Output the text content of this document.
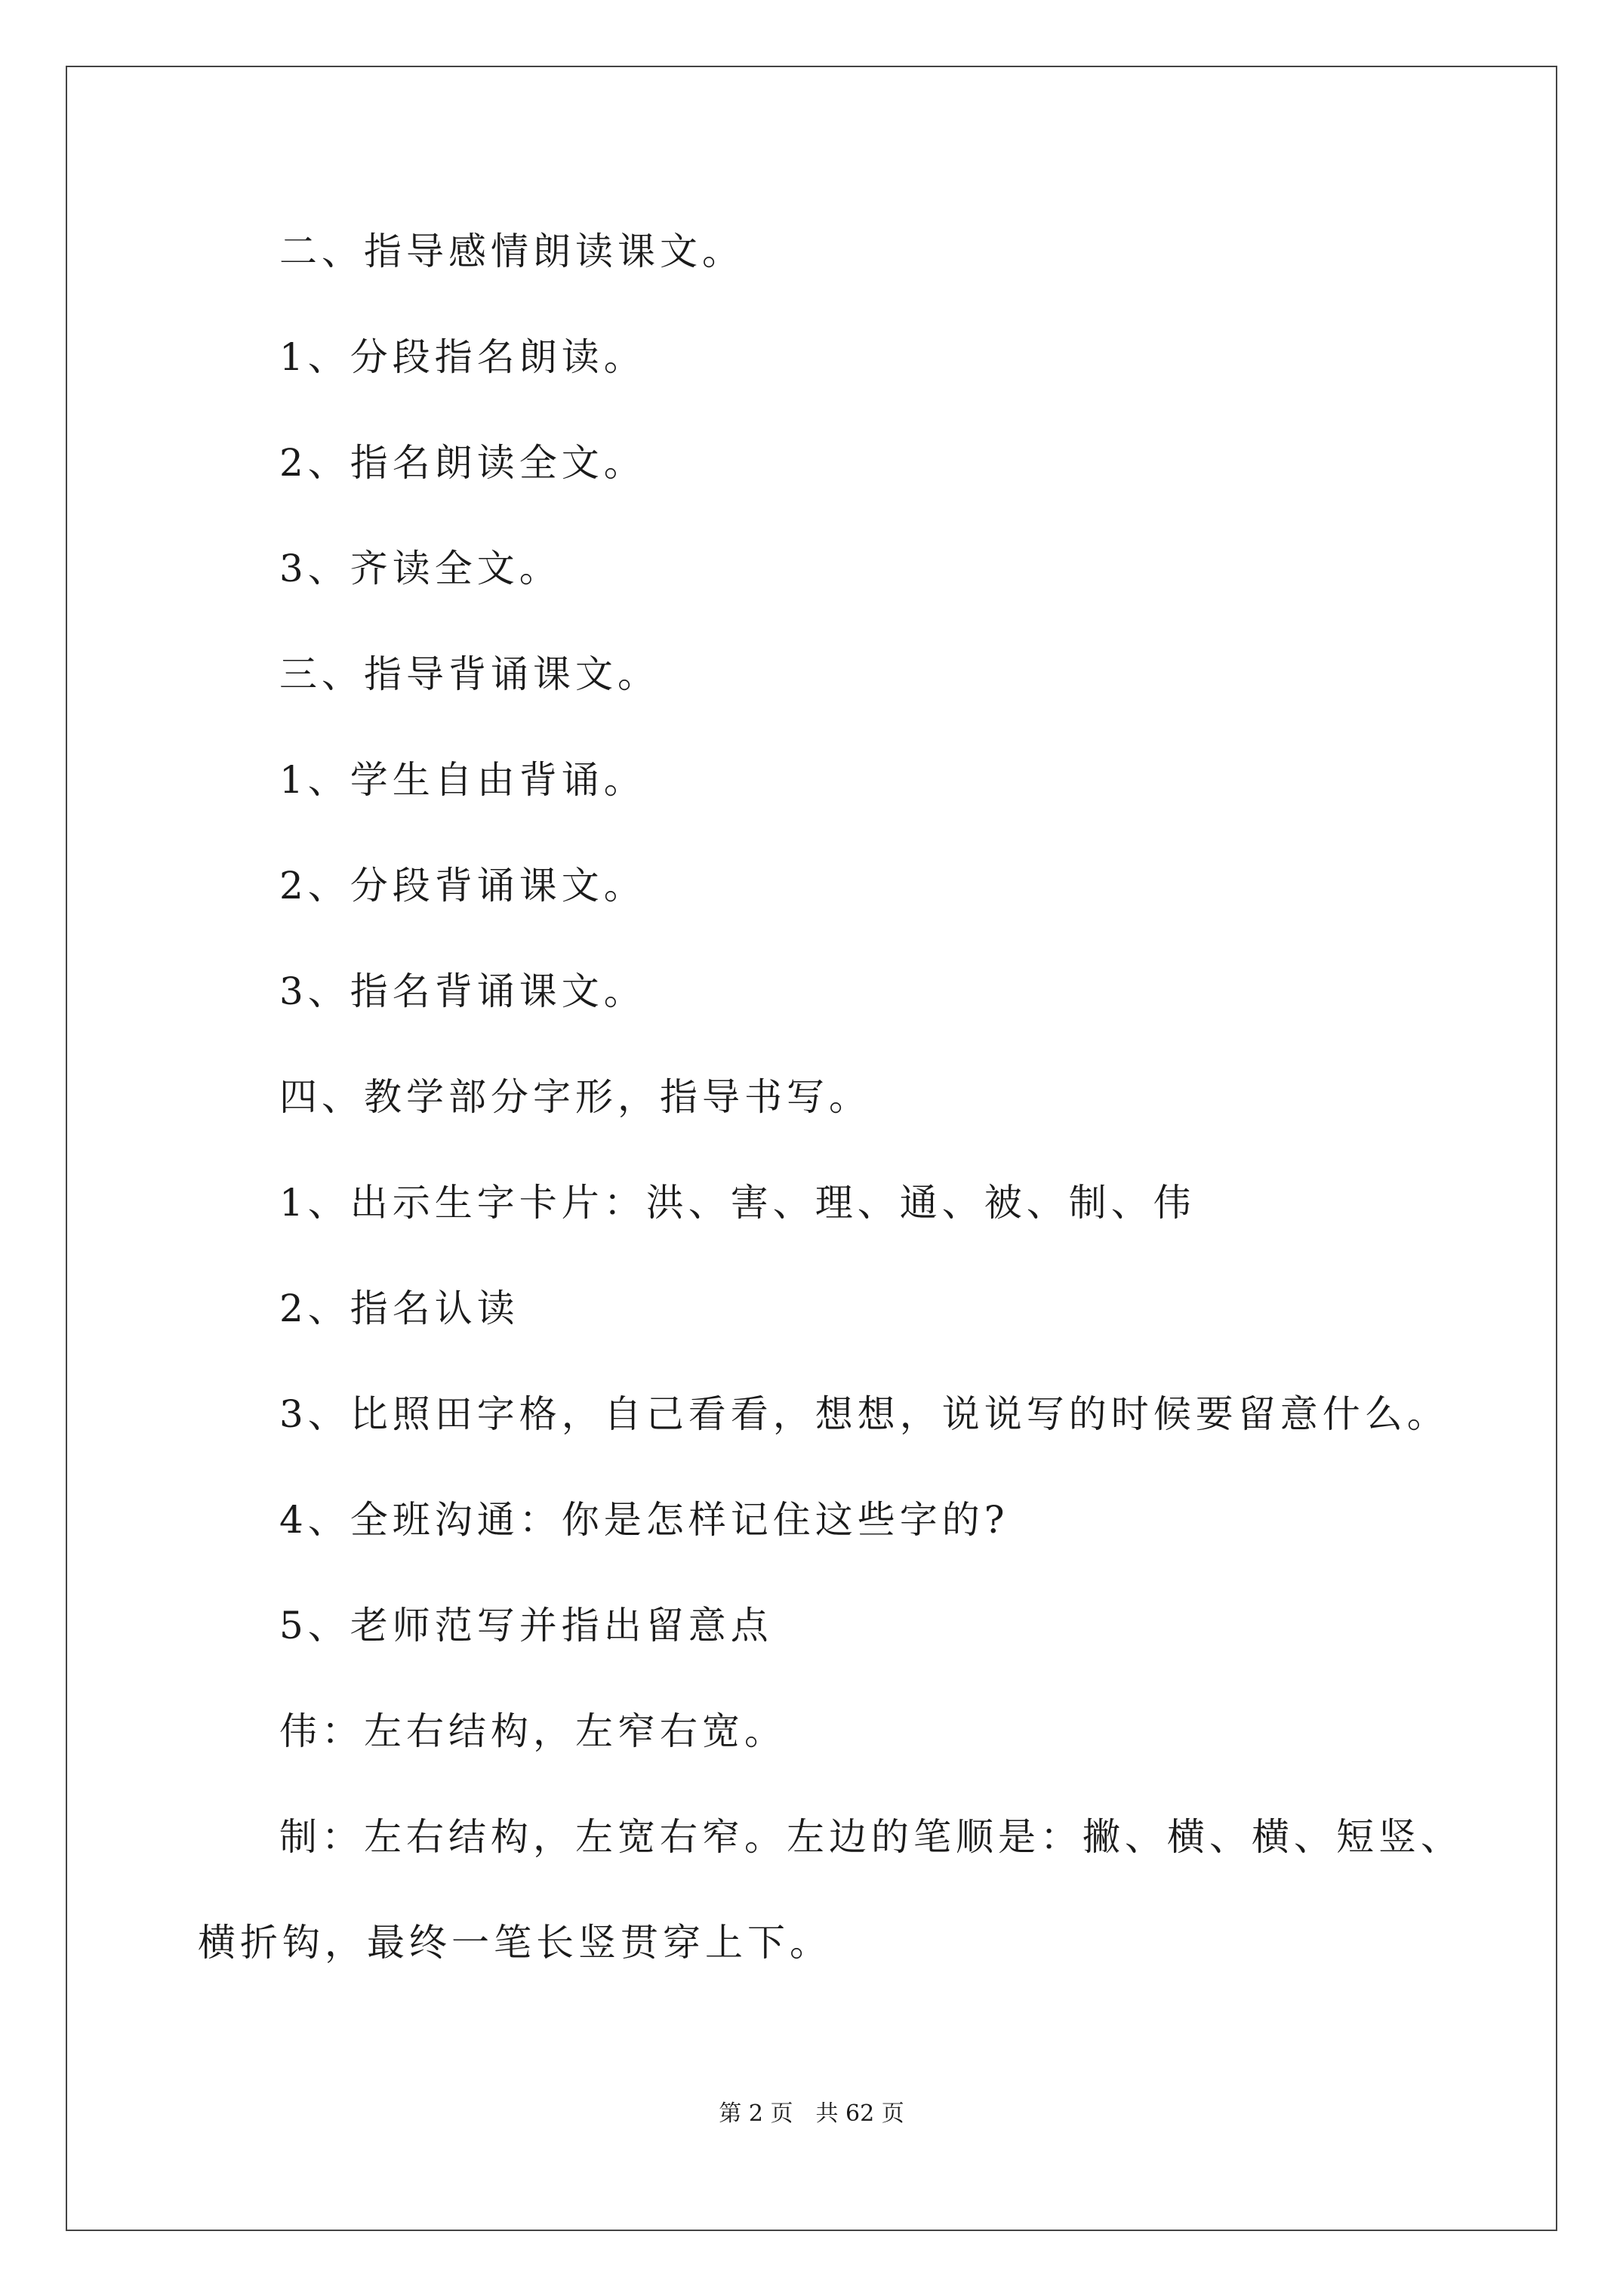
二、指导感情朗读课文。
1、分段指名朗读。
2、指名朗读全文。
3、齐读全文。
三、指导背诵课文。
1、学生自由背诵。
2、分段背诵课文。
3、指名背诵课文。
四、教学部分字形，指导书写。
1、出示生字卡片：洪、害、理、通、被、制、伟
2、指名认读
3、比照田字格，自己看看，想想，说说写的时候要留意什么。
4、全班沟通：你是怎样记住这些字的?
5、老师范写并指出留意点
伟：左右结构，左窄右宽。
制：左右结构，左宽右窄。左边的笔顺是：撇、横、横、短竖、
横折钩，最终一笔长竖贯穿上下。
第 2 页 共 62 页
